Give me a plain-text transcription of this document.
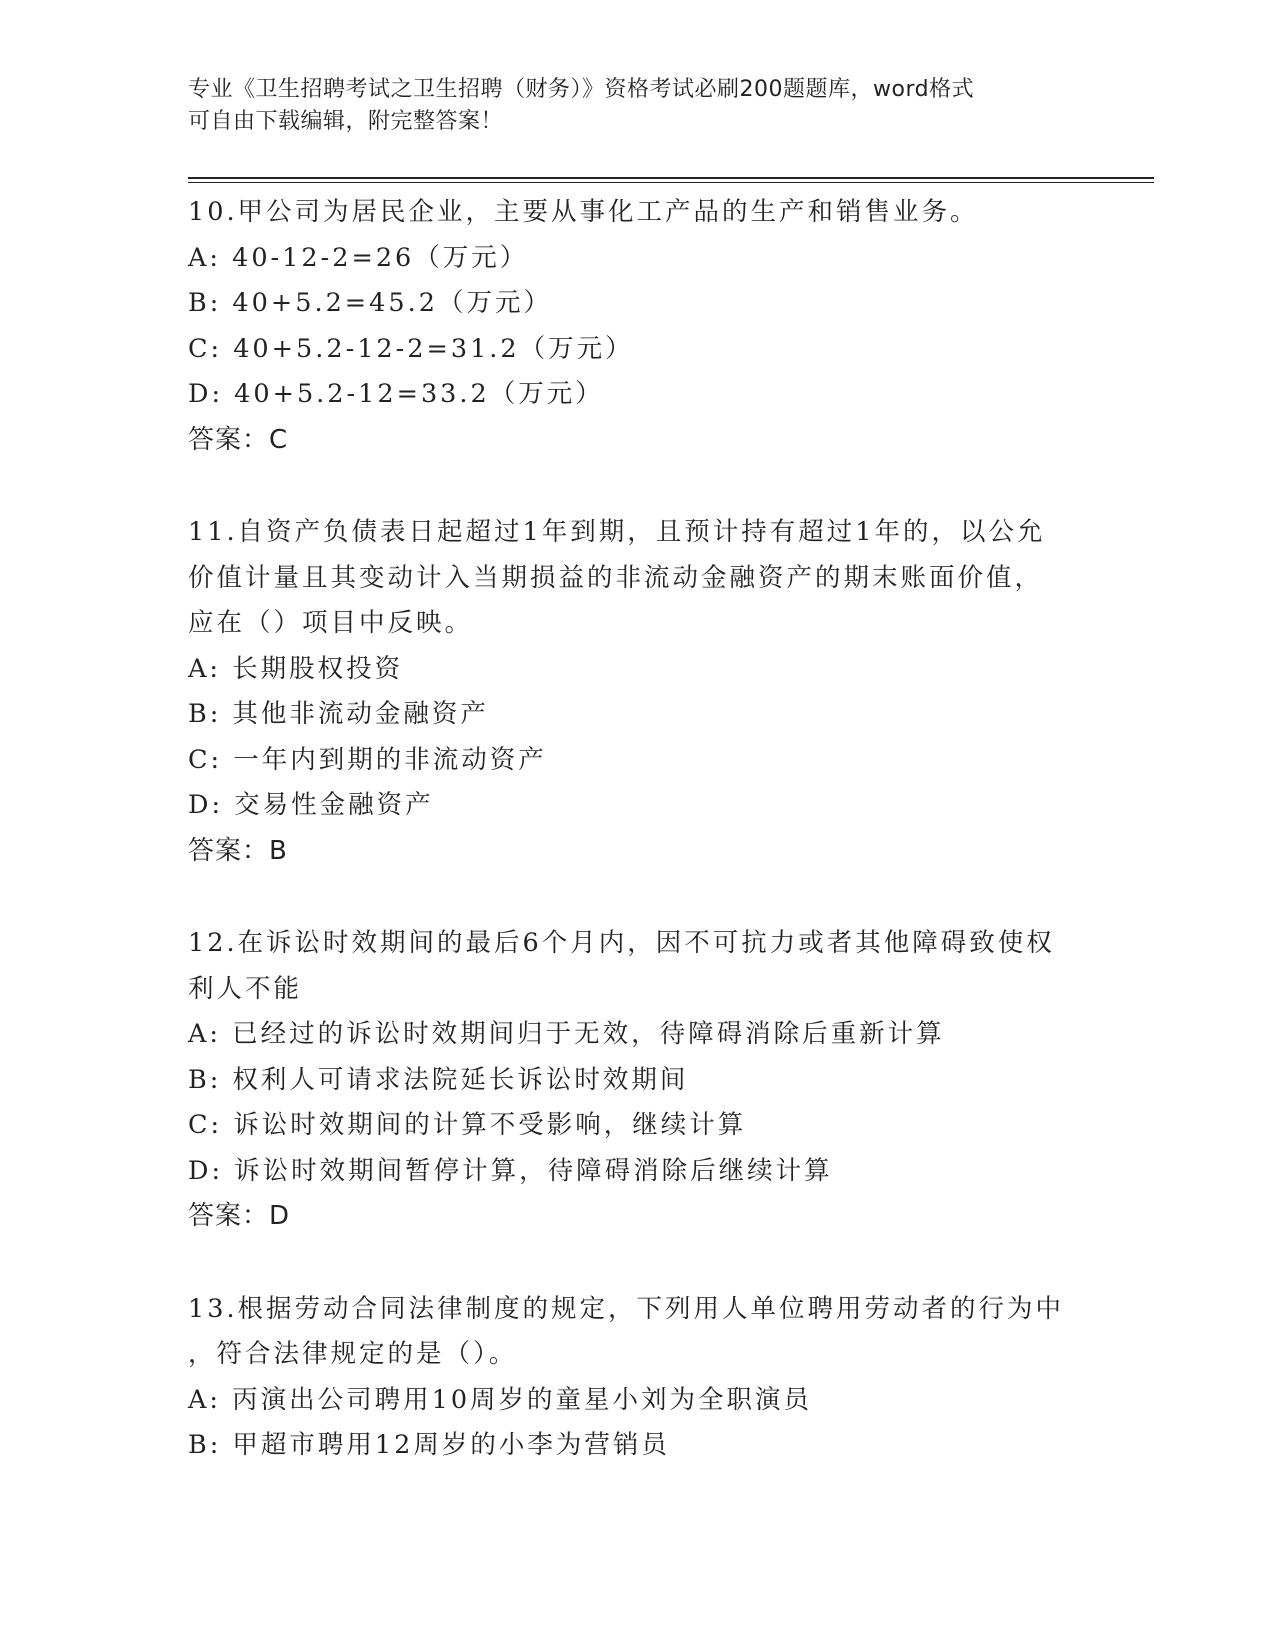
专业《卫生招聘考试之卫生招聘（财务）》资格考试必刷200题题库，word格式
可自由下载编辑，附完整答案！
10.甲公司为居民企业，主要从事化工产品的生产和销售业务。
A: 40-12-2=26（万元）
B: 40+5.2=45.2（万元）
C: 40+5.2-12-2=31.2（万元）
D: 40+5.2-12=33.2（万元）
答案：C
11.自资产负债表日起超过1年到期，且预计持有超过1年的，以公允
价值计量且其变动计入当期损益的非流动金融资产的期末账面价值，
应在（）项目中反映。
A: 长期股权投资
B: 其他非流动金融资产
C: 一年内到期的非流动资产
D: 交易性金融资产
答案：B
12.在诉讼时效期间的最后6个月内，因不可抗力或者其他障碍致使权
利人不能
A: 已经过的诉讼时效期间归于无效，待障碍消除后重新计算
B: 权利人可请求法院延长诉讼时效期间
C: 诉讼时效期间的计算不受影响，继续计算
D: 诉讼时效期间暂停计算，待障碍消除后继续计算
答案：D
13.根据劳动合同法律制度的规定，下列用人单位聘用劳动者的行为中
，符合法律规定的是（）。
A: 丙演出公司聘用10周岁的童星小刘为全职演员
B: 甲超市聘用12周岁的小李为营销员
